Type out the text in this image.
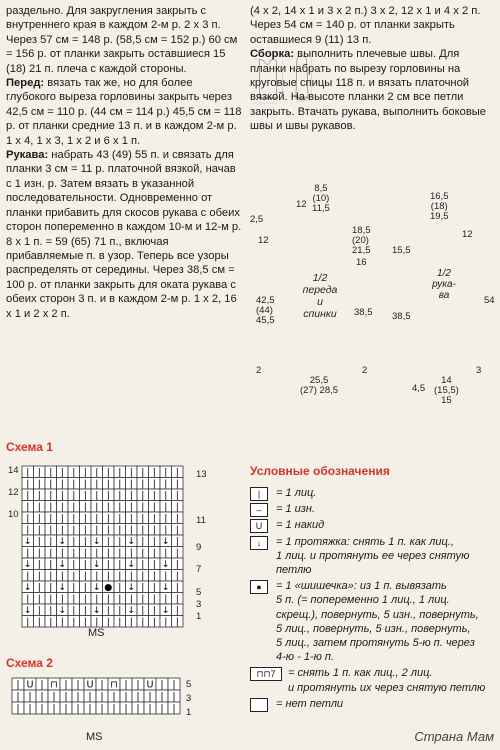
раздельно. Для закругления закрыть с внутреннего края в каждом 2-м р. 2 х 3 п. Через 57 см = 148 р. (58,5 см = 152 р.) 60 см = 156 р. от планки закрыть оставшиеся 15 (18) 21 п. плеча с каждой стороны.

Перед: вязать так же, но для более глубокого выреза горловины закрыть через 42,5 см = 110 р. (44 см = 114 р.) 45,5 см = 118 р. от планки средние 13 п. и в каждом 2-м р. 1 х 4, 1 х 3, 1 х 2 и 6 х 1 п.

Рукава: набрать 43 (49) 55 п. и связать для планки 3 см = 11 р. платочной вязкой, начав с 1 изн. р. Затем вязать в указанной последовательности. Одновременно от планки прибавить для скосов рукава с обеих сторон попеременно в каждом 10-м и 12-м р. 8 х 1 п. = 59 (65) 71 п., включая прибавляемые п. в узор. Теперь все узоры распределять от середины. Через 38,5 см = 100 р. от планки закрыть для оката рукава с обеих сторон 3 п. и в каждом 2-м р. 1 х 2, 16 х 1 и 2 х 2 п.

(4 х 2, 14 х 1 и 3 х 2 п.) 3 х 2, 12 х 1 и 4 х 2 п. Через 54 см = 140 р. от планки закрыть оставшиеся 9 (11) 13 п.

Сборка: выполнить плечевые швы. Для планки набрать по вырезу горловины на круговые спицы 118 п. и вязать платочной вязкой. На высоте планки 2 см все петли закрыть. Втачать рукава, выполнить боковые швы и швы рукавов.

1/2
переда
и
спинки
1/2
рука-
ва
8,5
(10)
11,5
12
2,5
12
18,5
(20)
21,5
16
42,5
(44)
45,5
38,5
2
25,5
(27) 28,5
2
16,5
(18)
19,5
15,5
12
54
38,5
3
4,5
14
(15,5)
15
Схема 1
| | | | | | | | | | | | | |
| | | | | | | | | | | | | |
| | | | | | | | | | | | | |
| | | | | | | | | | | | | |
| | | | | | | | | | | | | |
| | | | | | | | | | | | | |
↓ | | ↓ | | ↓ | | ↓ | | ↓ |
| | | | | | | | | | | | | |
↓ | | ↓ | | ↓ | | ↓ | | ↓ |
| | | | | | | | | | | | | |
↓ | | ↓ | | ↓ ● | ↓ | | ↓ |
| | | | | | | | | | | | | |
↓ | | ↓ | | ↓ | | ↓ | | ↓ |
| | | | | | | | | | | | | |
MS
Схема 2
| U | ⊓ | | U | ⊓ | | U | |
| | | | | | | | | | | | | |
| | | | | | | | | | | | | |
MS
Условные обозначения
|	= 1 лиц.
–	= 1 изн.
U	= 1 накид
↓	= 1 протяжка: снять 1 п. как лиц.,
1 лиц. и протянуть ее через снятую
петлю
●	= 1 «шишечка»: из 1 п. вывязать
5 п. (= попеременно 1 лиц., 1 лиц.
скрещ.), повернуть, 5 изн., повернуть,
5 лиц., повернуть, 5 изн., повернуть,
5 лиц., затем протянуть 5-ю п. через
4-ю - 1-ю п.
⊓⊓7	= снять 1 п. как лиц., 2 лиц.
и протянуть их через снятую петлю
= нет петли
Страна Мам
13
11
9
7
5
3
1
14
12
10
5
3
1
